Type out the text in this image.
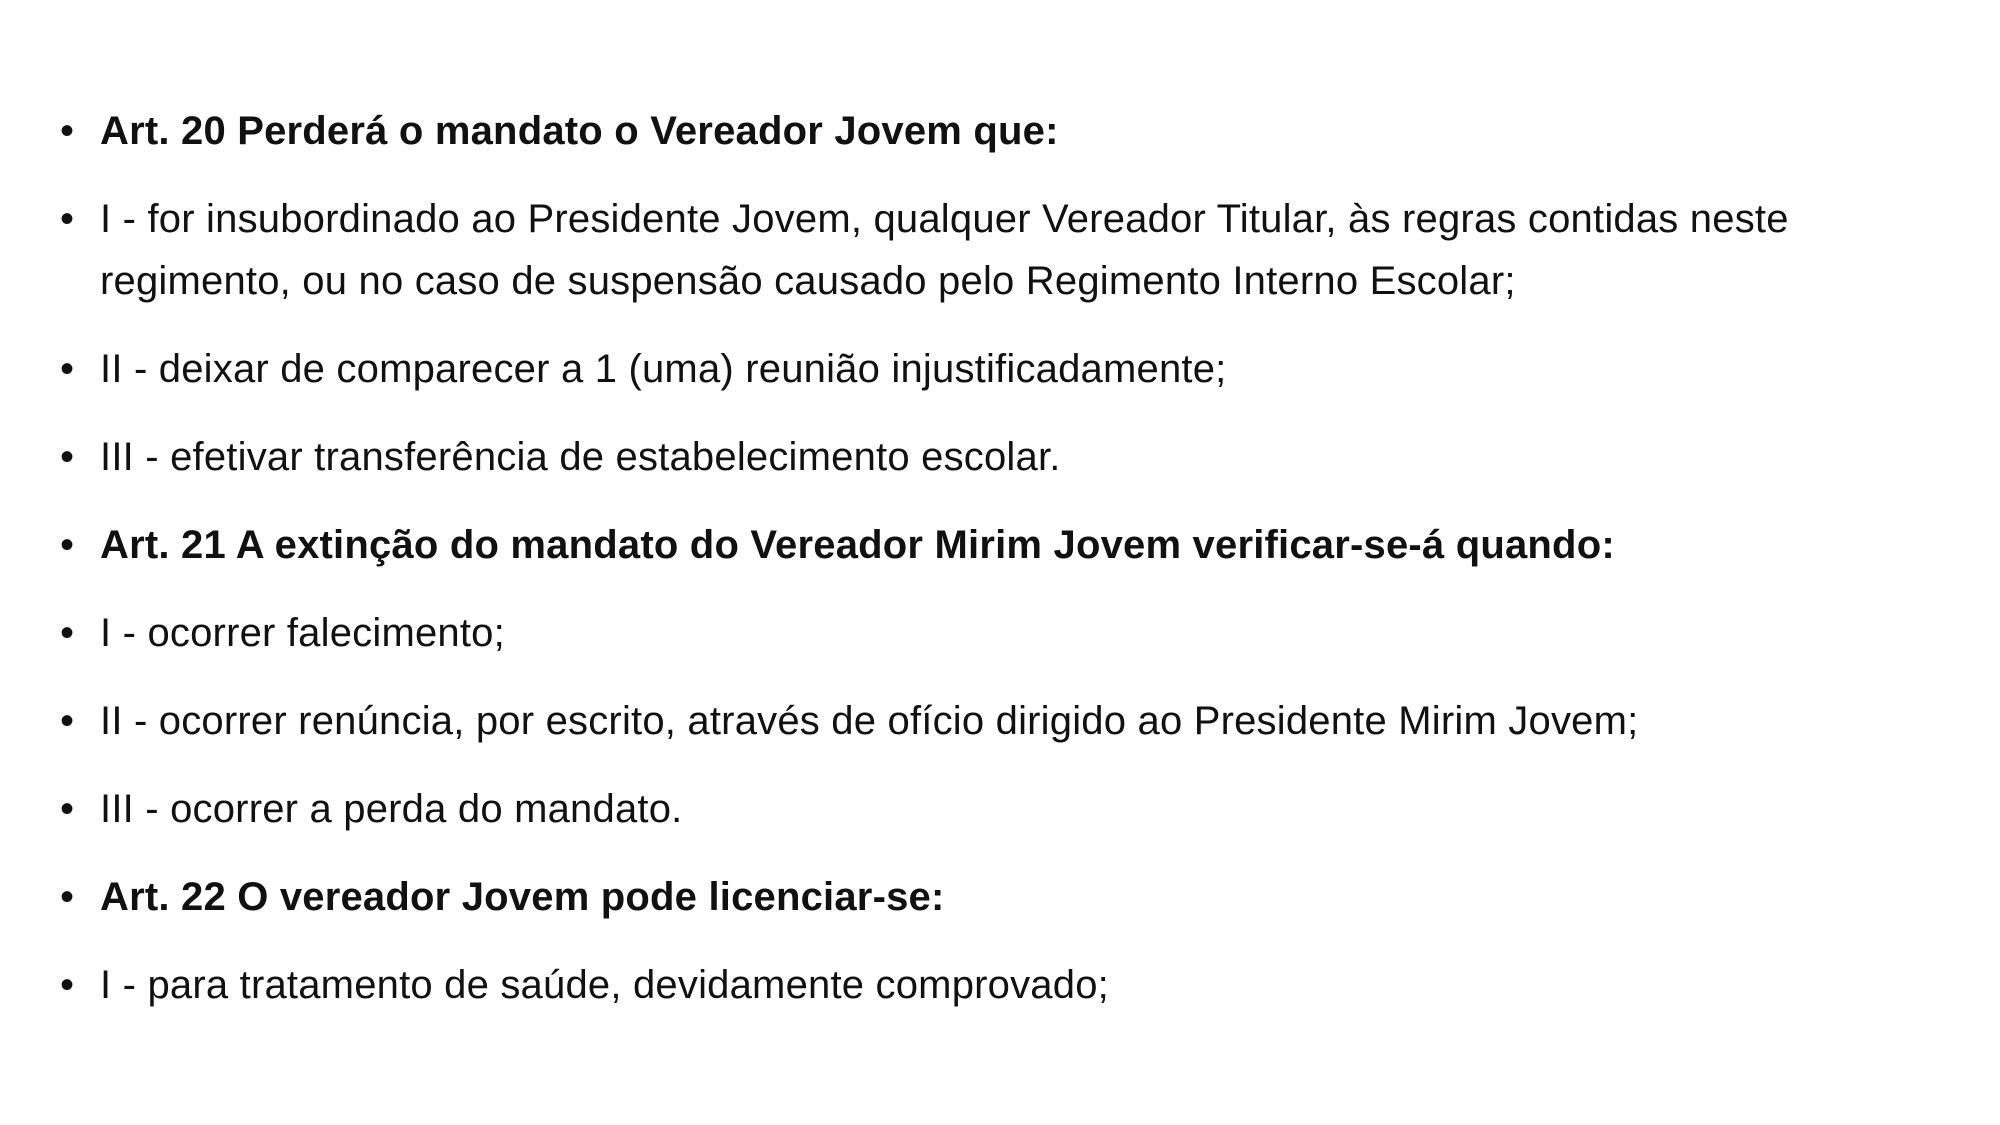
• Art. 20 Perderá o mandato o Vereador Jovem que:
• I - for insubordinado ao Presidente Jovem, qualquer Vereador Titular, às regras contidas neste regimento, ou no caso de suspensão causado pelo Regimento Interno Escolar;
• II - deixar de comparecer a 1 (uma) reunião injustificadamente;
• III - efetivar transferência de estabelecimento escolar.
• Art. 21 A extinção do mandato do Vereador Mirim Jovem verificar-se-á quando:
• I - ocorrer falecimento;
• II - ocorrer renúncia, por escrito, através de ofício dirigido ao Presidente Mirim Jovem;
• III - ocorrer a perda do mandato.
• Art. 22 O vereador Jovem pode licenciar-se:
• I - para tratamento de saúde, devidamente comprovado;
